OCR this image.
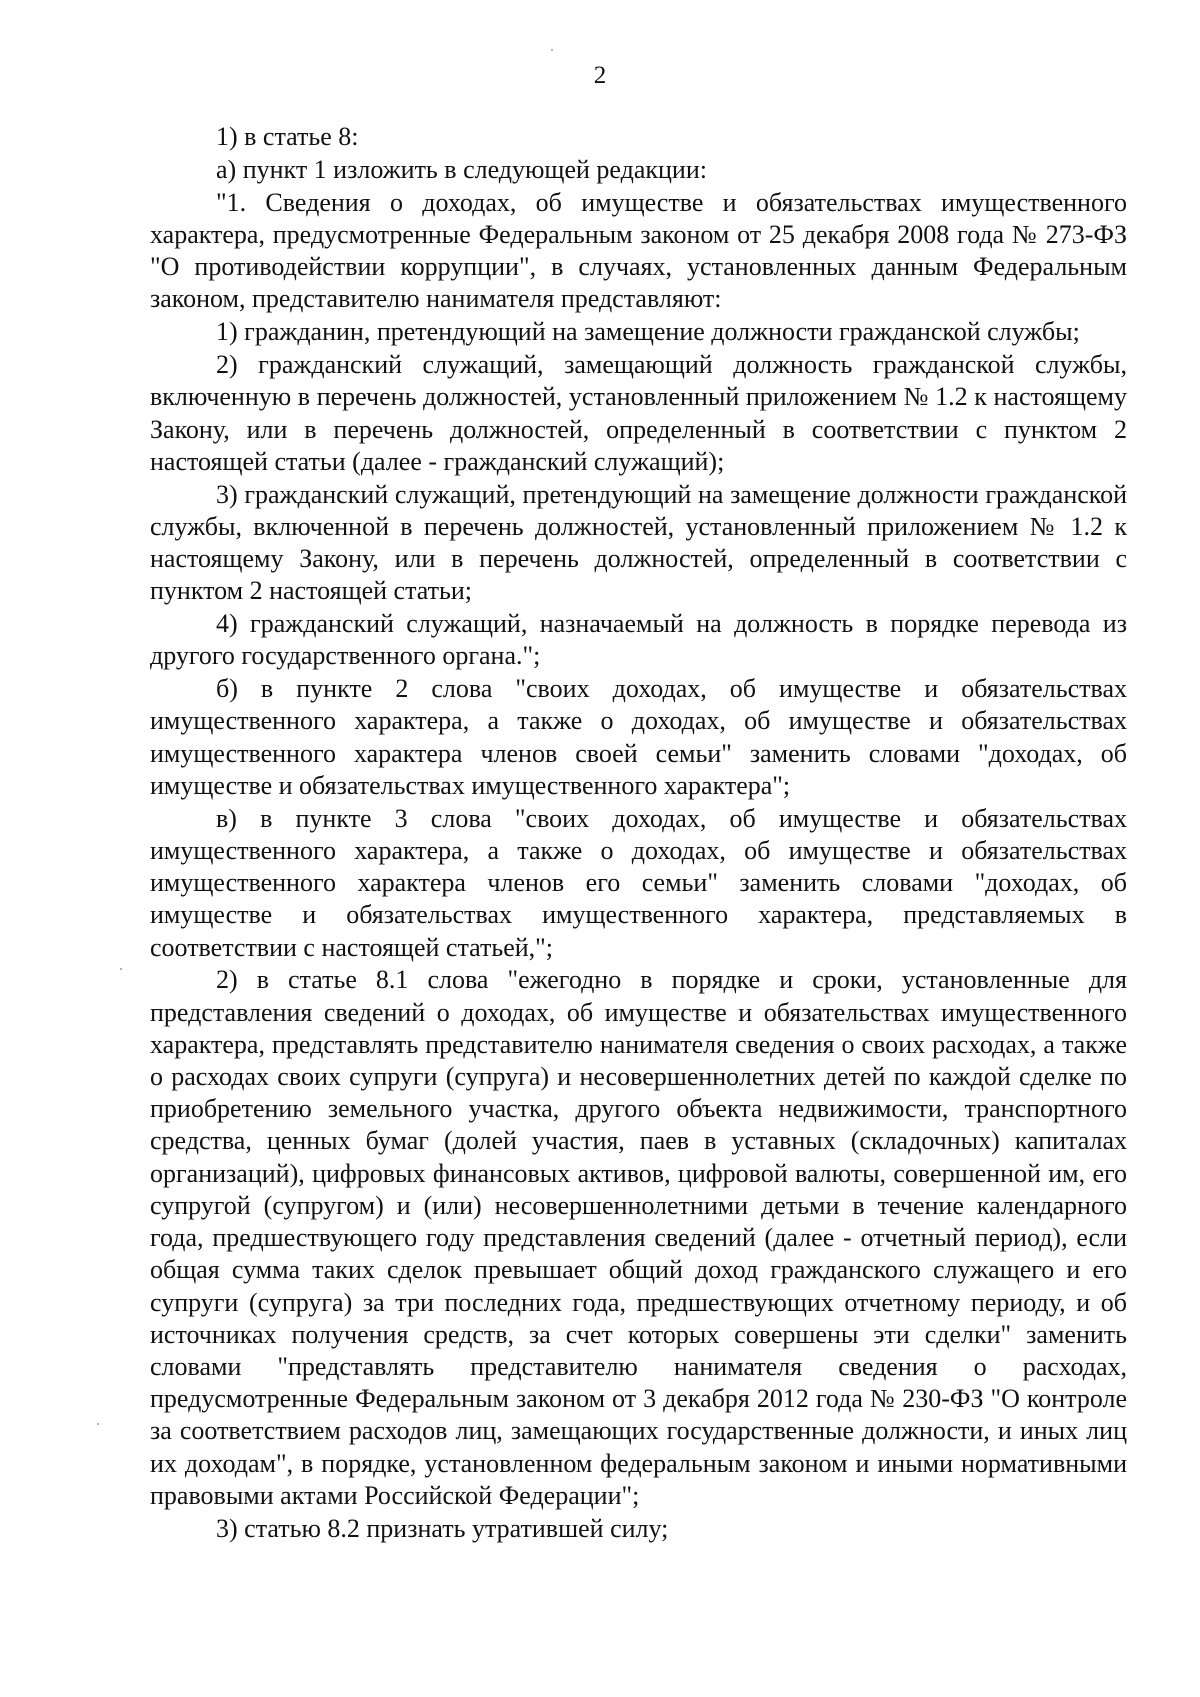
2

1) в статье 8:

а) пункт 1 изложить в следующей редакции:

"1. Сведения о доходах, об имуществе и обязательствах имущественного характера, предусмотренные Федеральным законом от 25 декабря 2008 года № 273-ФЗ "О противодействии коррупции", в случаях, установленных данным Федеральным законом, представителю нанимателя представляют:

1) гражданин, претендующий на замещение должности гражданской службы;

2) гражданский служащий, замещающий должность гражданской службы, включенную в перечень должностей, установленный приложением № 1.2 к настоящему Закону, или в перечень должностей, определенный в соответствии с пунктом 2 настоящей статьи (далее - гражданский служащий);

3) гражданский служащий, претендующий на замещение должности гражданской службы, включенной в перечень должностей, установленный приложением № 1.2 к настоящему Закону, или в перечень должностей, определенный в соответствии с пунктом 2 настоящей статьи;

4) гражданский служащий, назначаемый на должность в порядке перевода из другого государственного органа.";

б) в пункте 2 слова "своих доходах, об имуществе и обязательствах имущественного характера, а также о доходах, об имуществе и обязательствах имущественного характера членов своей семьи" заменить словами "доходах, об имуществе и обязательствах имущественного характера";

в) в пункте 3 слова "своих доходах, об имуществе и обязательствах имущественного характера, а также о доходах, об имуществе и обязательствах имущественного характера членов его семьи" заменить словами "доходах, об имуществе и обязательствах имущественного характера, представляемых в соответствии с настоящей статьей,";

2) в статье 8.1 слова "ежегодно в порядке и сроки, установленные для представления сведений о доходах, об имуществе и обязательствах имущественного характера, представлять представителю нанимателя сведения о своих расходах, а также о расходах своих супруги (супруга) и несовершеннолетних детей по каждой сделке по приобретению земельного участка, другого объекта недвижимости, транспортного средства, ценных бумаг (долей участия, паев в уставных (складочных) капиталах организаций), цифровых финансовых активов, цифровой валюты, совершенной им, его супругой (супругом) и (или) несовершеннолетними детьми в течение календарного года, предшествующего году представления сведений (далее - отчетный период), если общая сумма таких сделок превышает общий доход гражданского служащего и его супруги (супруга) за три последних года, предшествующих отчетному периоду, и об источниках получения средств, за счет которых совершены эти сделки" заменить словами "представлять представителю нанимателя сведения о расходах, предусмотренные Федеральным законом от 3 декабря 2012 года № 230-ФЗ "О контроле за соответствием расходов лиц, замещающих государственные должности, и иных лиц их доходам", в порядке, установленном федеральным законом и иными нормативными правовыми актами Российской Федерации";

3) статью 8.2 признать утратившей силу;
